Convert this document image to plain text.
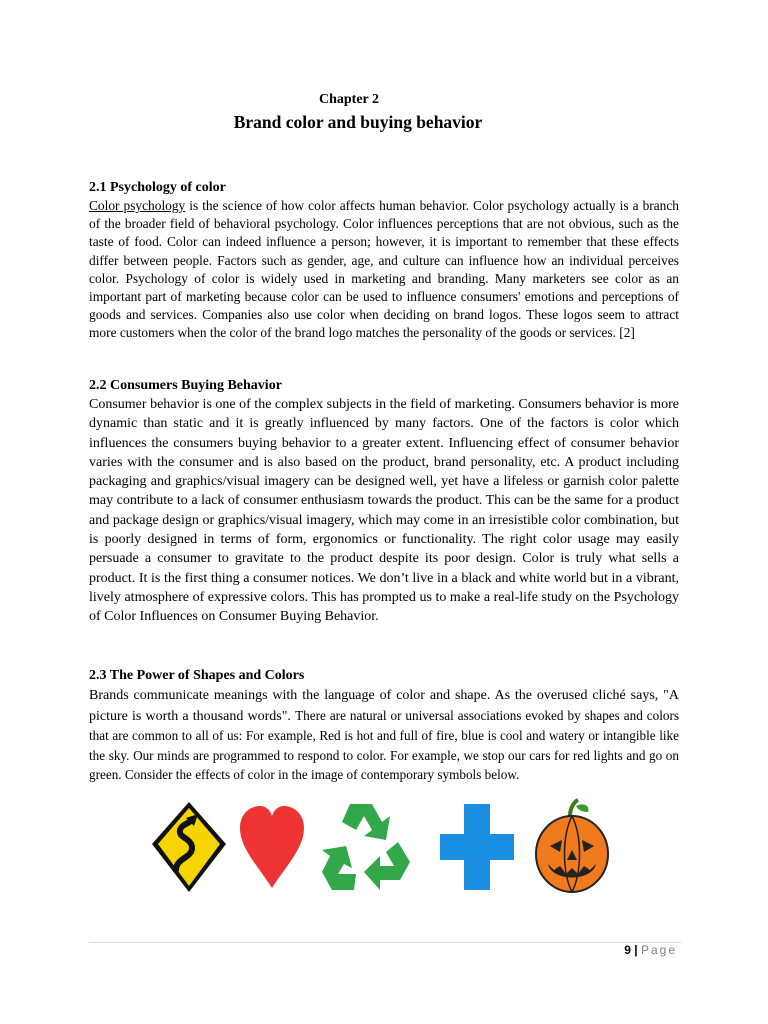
Chapter 2
Brand color and buying behavior
2.1 Psychology of color

Color psychology is the science of how color affects human behavior. Color psychology actually is a branch of the broader field of behavioral psychology. Color influences perceptions that are not obvious, such as the taste of food. Color can indeed influence a person; however, it is important to remember that these effects differ between people. Factors such as gender, age, and culture can influence how an individual perceives color. Psychology of color is widely used in marketing and branding. Many marketers see color as an important part of marketing because color can be used to influence consumers' emotions and perceptions of goods and services. Companies also use color when deciding on brand logos. These logos seem to attract more customers when the color of the brand logo matches the personality of the goods or services. [2]

2.2 Consumers Buying Behavior

Consumer behavior is one of the complex subjects in the field of marketing. Consumers behavior is more dynamic than static and it is greatly influenced by many factors. One of the factors is color which influences the consumers buying behavior to a greater extent. Influencing effect of consumer behavior varies with the consumer and is also based on the product, brand personality, etc. A product including packaging and graphics/visual imagery can be designed well, yet have a lifeless or garnish color palette may contribute to a lack of consumer enthusiasm towards the product. This can be the same for a product and package design or graphics/visual imagery, which may come in an irresistible color combination, but is poorly designed in terms of form, ergonomics or functionality. The right color usage may easily persuade a consumer to gravitate to the product despite its poor design. Color is truly what sells a product. It is the first thing a consumer notices. We don’t live in a black and white world but in a vibrant, lively atmosphere of expressive colors. This has prompted us to make a real-life study on the Psychology of Color Influences on Consumer Buying Behavior.

2.3 The Power of Shapes and Colors

Brands communicate meanings with the language of color and shape. As the overused cliché says, "A picture is worth a thousand words". There are natural or universal associations evoked by shapes and colors that are common to all of us: For example, Red is hot and full of fire, blue is cool and watery or intangible like the sky. Our minds are programmed to respond to color. For example, we stop our cars for red lights and go on green. Consider the effects of color in the image of contemporary symbols below.

9 | Page
